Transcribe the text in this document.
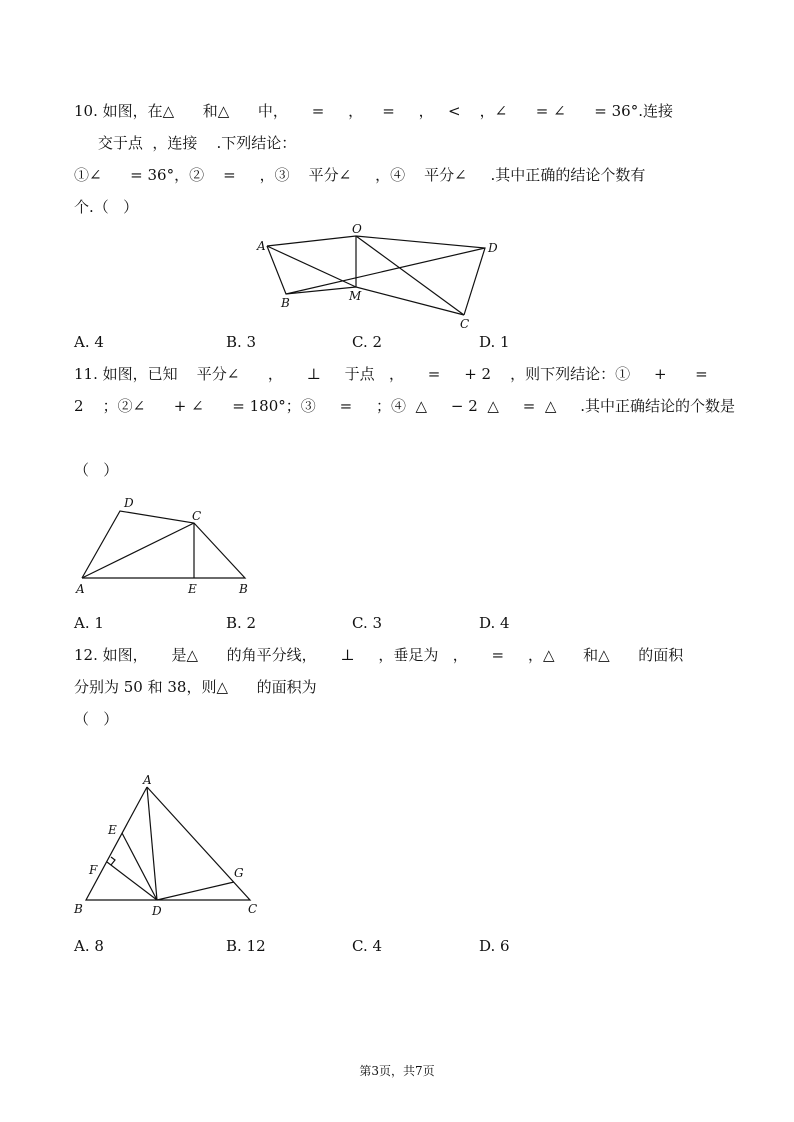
10. 如图，在△      和△      中，     =     ，    =     ，   <    ，∠      = ∠      = 36°.连接
交于点  ，连接    .下列结论：
①∠      = 36°，②    =     ，③    平分∠     ，④    平分∠     .其中正确的结论个数有
个.（   ）
O
A	D
B	M
C
A. 4	B. 3	C. 2	D. 1
11. 如图，已知    平分∠      ，     ⊥     于点   ，     =     + 2    ，则下列结论：①     +      =
2    ；②∠      + ∠      = 180°；③     =     ；④  △     − 2  △     =  △     .其中正确结论的个数是
（   ）
D
C
A	E	B
A. 1	B. 2	C. 3	D. 4
12. 如图，     是△      的角平分线，     ⊥     ，垂足为   ，     =     ，△      和△      的面积
分别为 50 和 38，则△      的面积为
（   ）
A
E
F	G
B	D	C
A. 8	B. 12	C. 4	D. 6
第3页，共7页
